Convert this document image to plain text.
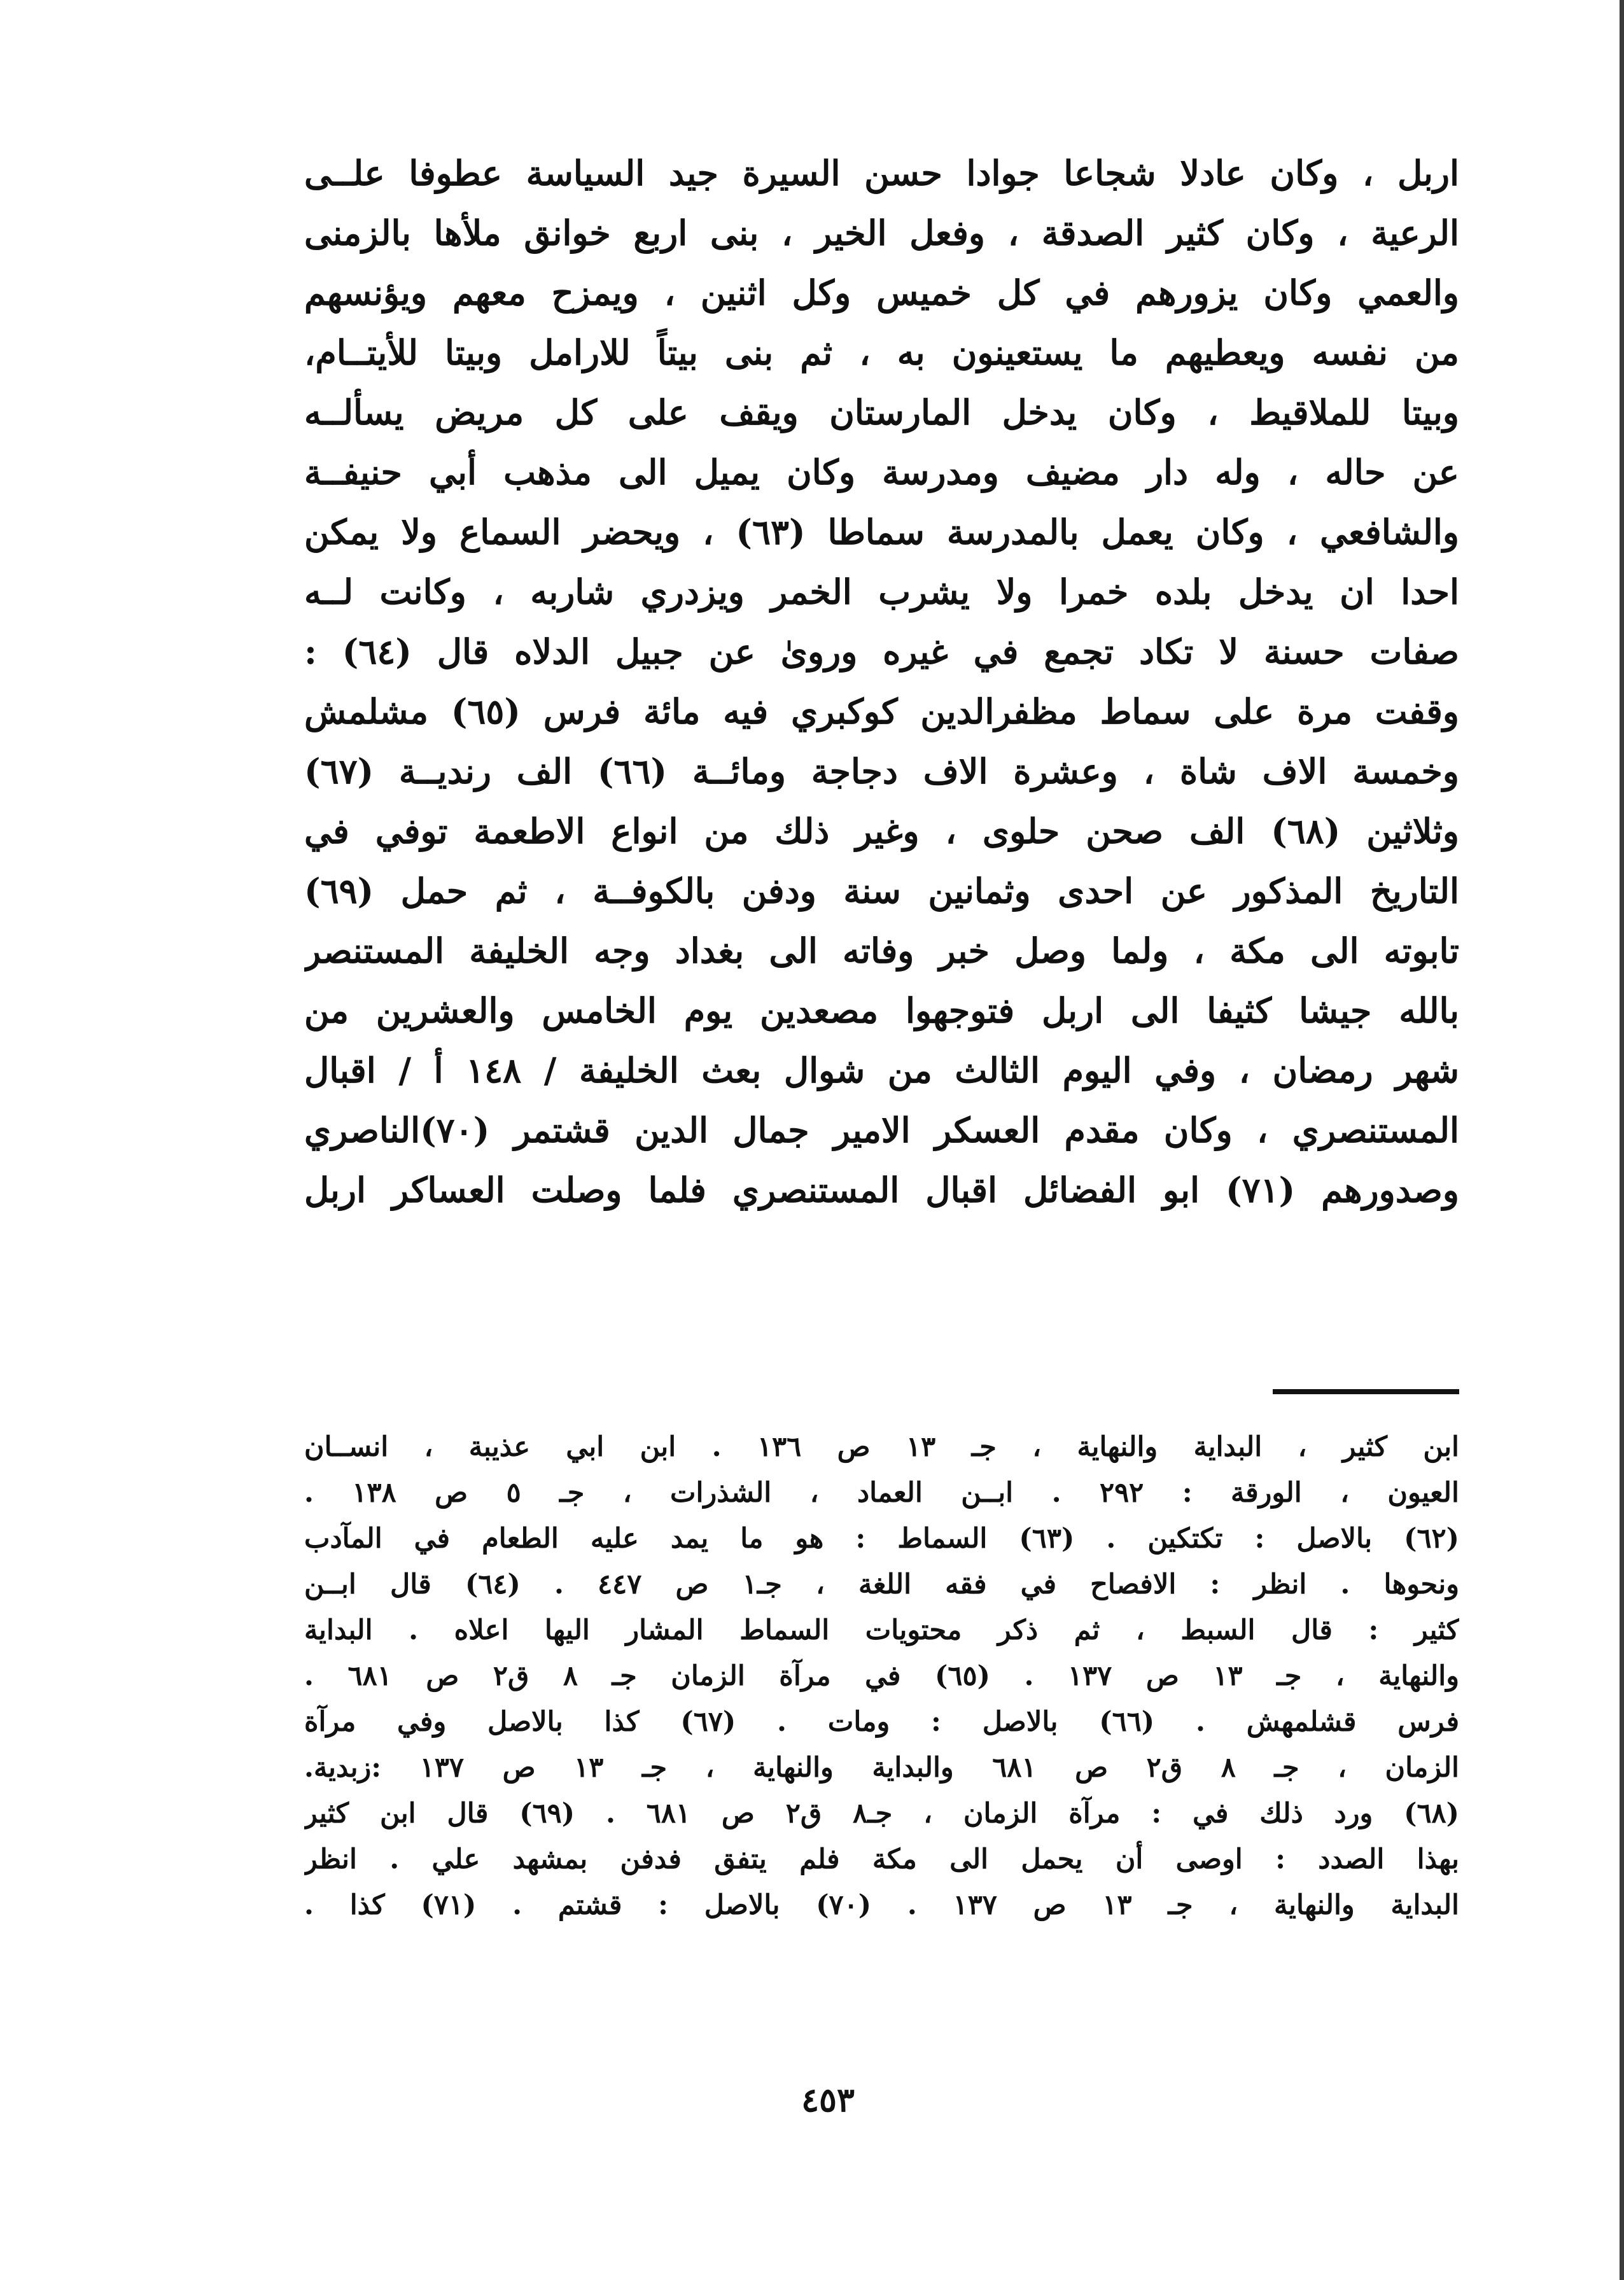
اربل ، وكان عادلا شجاعا جوادا حسن السيرة جيد السياسة عطوفا علــى
الرعية ، وكان كثير الصدقة ، وفعل الخير ، بنى اربع خوانق ملأها بالزمنى
والعمي وكان يزورهم في كل خميس وكل اثنين ، ويمزح معهم ويؤنسهم
من نفسه ويعطيهم ما يستعينون به ، ثم بنى بيتاً للارامل وبيتا للأيتــام،
وبيتا للملاقيط ، وكان يدخل المارستان ويقف على كل مريض يسألــه
عن حاله ، وله دار مضيف ومدرسة وكان يميل الى مذهب أبي حنيفــة
والشافعي ، وكان يعمل بالمدرسة سماطا (٦٣) ، ويحضر السماع ولا يمكن
احدا ان يدخل بلده خمرا ولا يشرب الخمر ويزدري شاربه ، وكانت لــه
صفات حسنة لا تكاد تجمع في غيره وروىٰ عن جبيل الدلاه قال (٦٤) :
وقفت مرة على سماط مظفرالدين كوكبري فيه مائة فرس (٦٥) مشلمش
وخمسة الاف شاة ، وعشرة الاف دجاجة ومائــة (٦٦) الف رنديــة (٦٧)
وثلاثين (٦٨) الف صحن حلوى ، وغير ذلك من انواع الاطعمة توفي في
التاريخ المذكور عن احدى وثمانين سنة ودفن بالكوفــة ، ثم حمل (٦٩)
تابوته الى مكة ، ولما وصل خبر وفاته الى بغداد وجه الخليفة المستنصر
بالله جيشا كثيفا الى اربل فتوجهوا مصعدين يوم الخامس والعشرين من
شهر رمضان ، وفي اليوم الثالث من شوال بعث الخليفة / ١٤٨ أ / اقبال
المستنصري ، وكان مقدم العسكر الامير جمال الدين قشتمر (٧٠)الناصري
وصدورهم (٧١) ابو الفضائل اقبال المستنصري فلما وصلت العساكر اربل
ابن كثير ، البداية والنهاية ، جـ ١٣ ص ١٣٦ . ابن ابي عذيبة ، انســان
العيون ، الورقة : ٢٩٢ . ابــن العماد ، الشذرات ، جـ ٥ ص ١٣٨ .
(٦٢) بالاصل : تكتكين . (٦٣) السماط : هو ما يمد عليه الطعام في المآدب
ونحوها . انظر : الافصاح في فقه اللغة ، جـ١ ص ٤٤٧ . (٦٤) قال ابــن
كثير : قال السبط ، ثم ذكر محتويات السماط المشار اليها اعلاه . البداية
والنهاية ، جـ ١٣ ص ١٣٧ . (٦٥) في مرآة الزمان جـ ٨ ق٢ ص ٦٨١ .
فرس قشلمهش . (٦٦) بالاصل : ومات . (٦٧) كذا بالاصل وفي مرآة
الزمان ، جـ ٨ ق٢ ص ٦٨١ والبداية والنهاية ، جـ ١٣ ص ١٣٧ :زبدية.
(٦٨) ورد ذلك في : مرآة الزمان ، جـ٨ ق٢ ص ٦٨١ . (٦٩) قال ابن كثير
بهذا الصدد : اوصى أن يحمل الى مكة فلم يتفق فدفن بمشهد علي . انظر
البداية والنهاية ، جـ ١٣ ص ١٣٧ . (٧٠) بالاصل : قشتم . (٧١) كذا .
٤٥٣
